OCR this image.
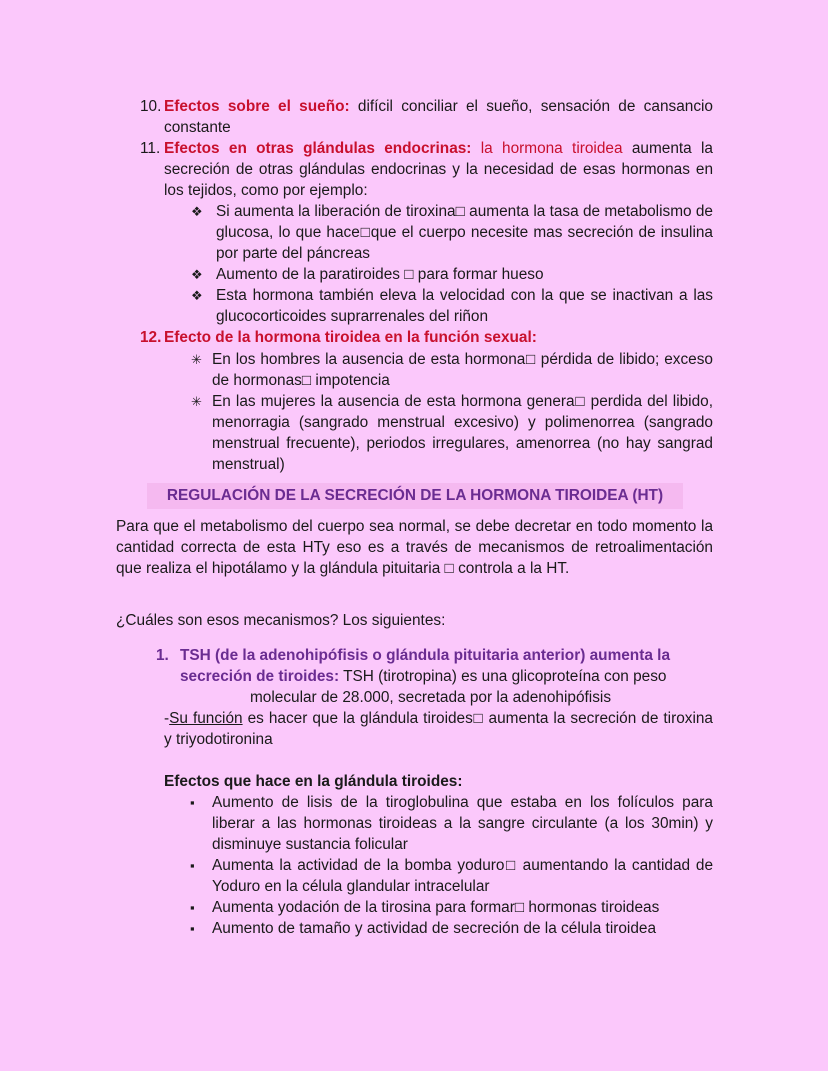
10. Efectos sobre el sueño: difícil conciliar el sueño, sensación de cansancio constante
11. Efectos en otras glándulas endocrinas: la hormona tiroidea aumenta la secreción de otras glándulas endocrinas y la necesidad de esas hormonas en los tejidos, como por ejemplo:
❖ Si aumenta la liberación de tiroxina□ aumenta la tasa de metabolismo de glucosa, lo que hace□que el cuerpo necesite mas secreción de insulina por parte del páncreas
❖ Aumento de la paratiroides □ para formar hueso
❖ Esta hormona también eleva la velocidad con la que se inactivan a las glucocorticoides suprarrenales del riñon
12. Efecto de la hormona tiroidea en la función sexual:
✳ En los hombres la ausencia de esta hormona□ pérdida de libido; exceso de hormonas□ impotencia
✳ En las mujeres la ausencia de esta hormona genera□ perdida del libido, menorragia (sangrado menstrual excesivo) y polimenorrea (sangrado menstrual frecuente), periodos irregulares, amenorrea (no hay sangrad menstrual)
REGULACIÓN DE LA SECRECIÓN DE LA HORMONA TIROIDEA (HT)
Para que el metabolismo del cuerpo sea normal, se debe decretar en todo momento la cantidad correcta de esta HTy eso es a través de mecanismos de retroalimentación que realiza el hipotálamo y la glándula pituitaria □ controla a la HT.
¿Cuáles son esos mecanismos? Los siguientes:
1. TSH (de la adenohipófisis o glándula pituitaria anterior) aumenta la
secreción de tiroides: TSH (tirotropina) es una glicoproteína con peso
molecular de 28.000, secretada por la adenohipófisis
-Su función es hacer que la glándula tiroides□ aumenta la secreción de tiroxina y triyodotironina
Efectos que hace en la glándula tiroides:
▪ Aumento de lisis de la tiroglobulina que estaba en los folículos para liberar a las hormonas tiroideas a la sangre circulante (a los 30min) y disminuye sustancia folicular
▪ Aumenta la actividad de la bomba yoduro□ aumentando la cantidad de Yoduro en la célula glandular intracelular
▪ Aumenta yodación de la tirosina para formar□ hormonas tiroideas
▪ Aumento de tamaño y actividad de secreción de la célula tiroidea
